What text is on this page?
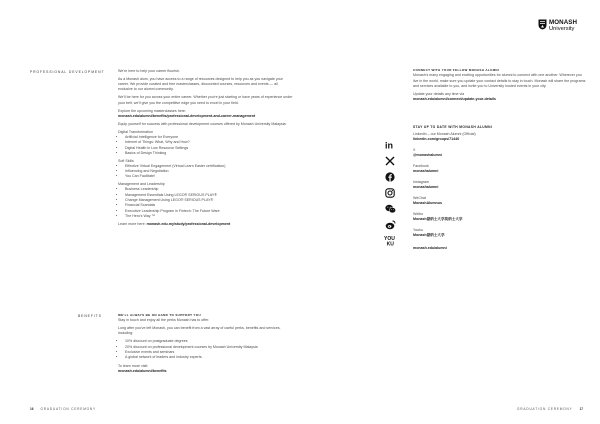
MONASH
University
PROFESSIONAL DEVELOPMENT
BENEFITS

We're here to help your career flourish.

As a Monash alum, you have access to a range of resources designed to help you as you navigate your career. We provide curated and free masterclasses, discounted courses, resources and events — all exclusive to our alumni community.

We'll be here for you across your entire career. Whether you're just starting or have years of experience under your belt, we'll give you the competitive edge you need to excel in your field.

Explore the upcoming masterclasses here:
monash.edu/alumni/benefits/professional-development-and-career-management

Equip yourself for success with professional development courses offered by Monash University Malaysia:

Digital Transformation
• Artificial Intelligence for Everyone
• Internet of Things: What, Why and How?
• Digital Health in Low Resource Settings
• Basics of Design Thinking
Soft Skills
• Effective Virtual Engagement (Virtual Learn Easter certification)
• Influencing and Negotiation
• You Can Facilitate!
Management and Leadership
• Business Leadership
• Management Essentials Using LEGO® SERIOUS PLAY®
• Change Management Using LEGO® SERIOUS PLAY®
• Financial Scandals
• Executive Leadership Program in Fintech: The Future Ware
• The Hero's Way ™

Learn more here: monash.edu.my/study/professional-development

WE'LL ALWAYS BE ON HAND TO SUPPORT YOU

Stay in touch and enjoy all the perks Monash has to offer.

Long after you've left Monash, you can benefit from a vast array of useful perks, benefits and services, including:

• 10% discount on postgraduate degrees
• 20% discount on professional development courses by Monash University Malaysia
• Exclusive events and seminars
• A global network of leaders and industry experts.

To learn more visit:
monash.edu/alumni/benefits

in
YOU
KU
CONNECT WITH YOUR FELLOW MONASH ALUMNI

Monash's many engaging and exciting opportunities for alumni to connect with one another. Wherever you live in the world, make sure you update your contact details to stay in touch. Monash will share the programs and services available to you, and invite you to University hosted events in your city.

Update your details any time via
monash.edu/alumni/connect/update-your-details

STAY UP TO DATE WITH MONASH ALUMNI
LinkedIn – our Monash Alumni (Official)
linkedin.com/groups/71446
X
@monashalumni
Facebook
monashalumni
Instagram
monashalumni
WeChat
MonashAlumnus
Weibo
Monash蒙纳士大学莫纳士大学
Youku
Monash蒙纳士大学
monash.edu/alumni
16 GRADUATION CEREMONY	GRADUATION CEREMONY 17
